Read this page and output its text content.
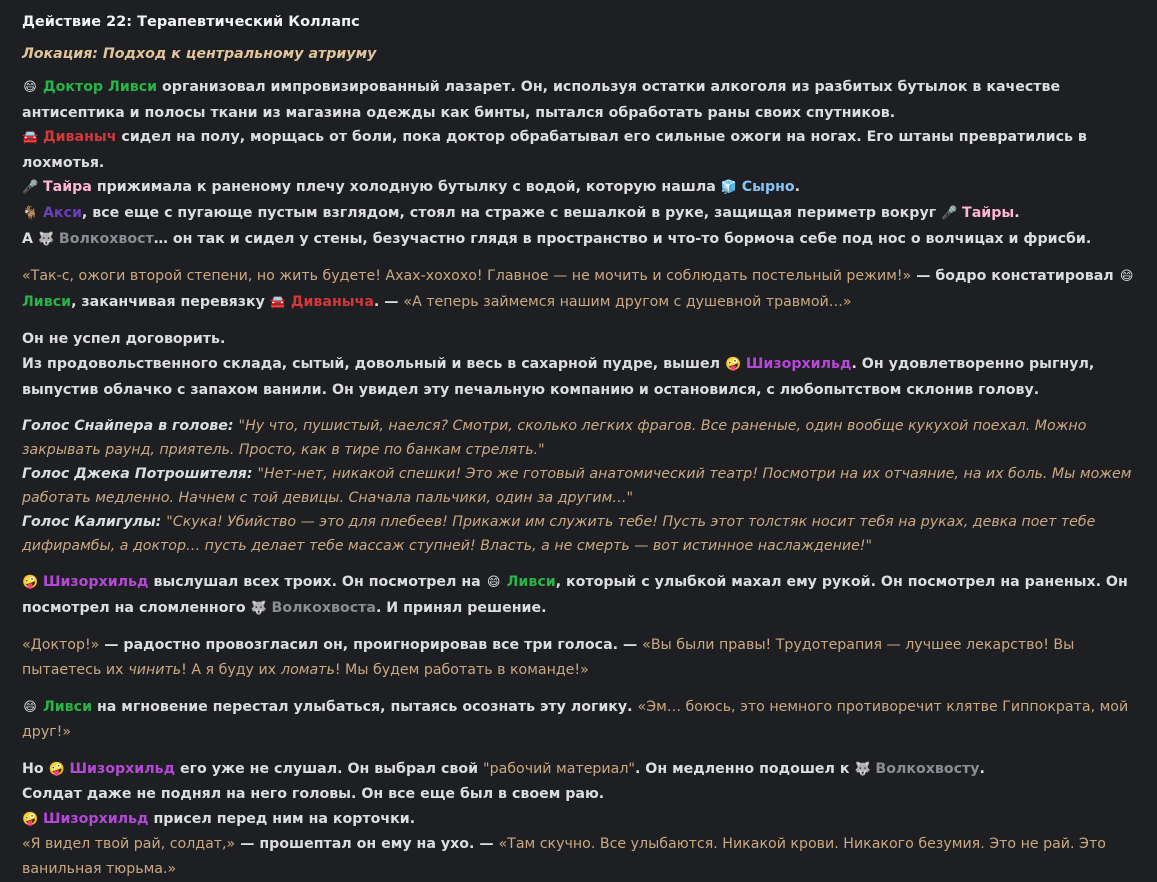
Действие 22: Терапевтический Коллапс
Локация: Подход к центральному атриуму

😄 Доктор Ливси организовал импровизированный лазарет. Он, используя остатки алкоголя из разбитых бутылок в качестве антисептика и полосы ткани из магазина одежды как бинты, пытался обработать раны своих спутников.
🚘 Диваныч сидел на полу, морщась от боли, пока доктор обрабатывал его сильные ожоги на ногах. Его штаны превратились в лохмотья.
🎤 Тайра прижимала к раненому плечу холодную бутылку с водой, которую нашла 🧊 Сырно.
🐐 Акси, все еще с пугающе пустым взглядом, стоял на страже с вешалкой в руке, защищая периметр вокруг 🎤 Тайры.
А 🐺 Волкохвост… он так и сидел у стены, безучастно глядя в пространство и что-то бормоча себе под нос о волчицах и фрисби.

«Так-с, ожоги второй степени, но жить будете! Ахах-хохохо! Главное — не мочить и соблюдать постельный режим!» — бодро констатировал 😄 Ливси, заканчивая перевязку 🚘 Диваныча. — «А теперь займемся нашим другом с душевной травмой…»

Он не успел договорить.
Из продовольственного склада, сытый, довольный и весь в сахарной пудре, вышел 🤪 Шизорхильд. Он удовлетворенно рыгнул, выпустив облачко с запахом ванили. Он увидел эту печальную компанию и остановился, с любопытством склонив голову.

Голос Снайпера в голове: "Ну что, пушистый, наелся? Смотри, сколько легких фрагов. Все раненые, один вообще кукухой поехал. Можно закрывать раунд, приятель. Просто, как в тире по банкам стрелять."
Голос Джека Потрошителя: "Нет-нет, никакой спешки! Это же готовый анатомический театр! Посмотри на их отчаяние, на их боль. Мы можем работать медленно. Начнем с той девицы. Сначала пальчики, один за другим…"
Голос Калигулы: "Скука! Убийство — это для плебеев! Прикажи им служить тебе! Пусть этот толстяк носит тебя на руках, девка поет тебе дифирамбы, а доктор… пусть делает тебе массаж ступней! Власть, а не смерть — вот истинное наслаждение!"

🤪 Шизорхильд выслушал всех троих. Он посмотрел на 😄 Ливси, который с улыбкой махал ему рукой. Он посмотрел на раненых. Он посмотрел на сломленного 🐺 Волкохвоста. И принял решение.

«Доктор!» — радостно провозгласил он, проигнорировав все три голоса. — «Вы были правы! Трудотерапия — лучшее лекарство! Вы пытаетесь их чинить! А я буду их ломать! Мы будем работать в команде!»

😄 Ливси на мгновение перестал улыбаться, пытаясь осознать эту логику. «Эм… боюсь, это немного противоречит клятве Гиппократа, мой друг!»

Но 🤪 Шизорхильд его уже не слушал. Он выбрал свой "рабочий материал". Он медленно подошел к 🐺 Волкохвосту.
Солдат даже не поднял на него головы. Он все еще был в своем раю.
🤪 Шизорхильд присел перед ним на корточки.
«Я видел твой рай, солдат,» — прошептал он ему на ухо. — «Там скучно. Все улыбаются. Никакой крови. Никакого безумия. Это не рай. Это ванильная тюрьма.»
